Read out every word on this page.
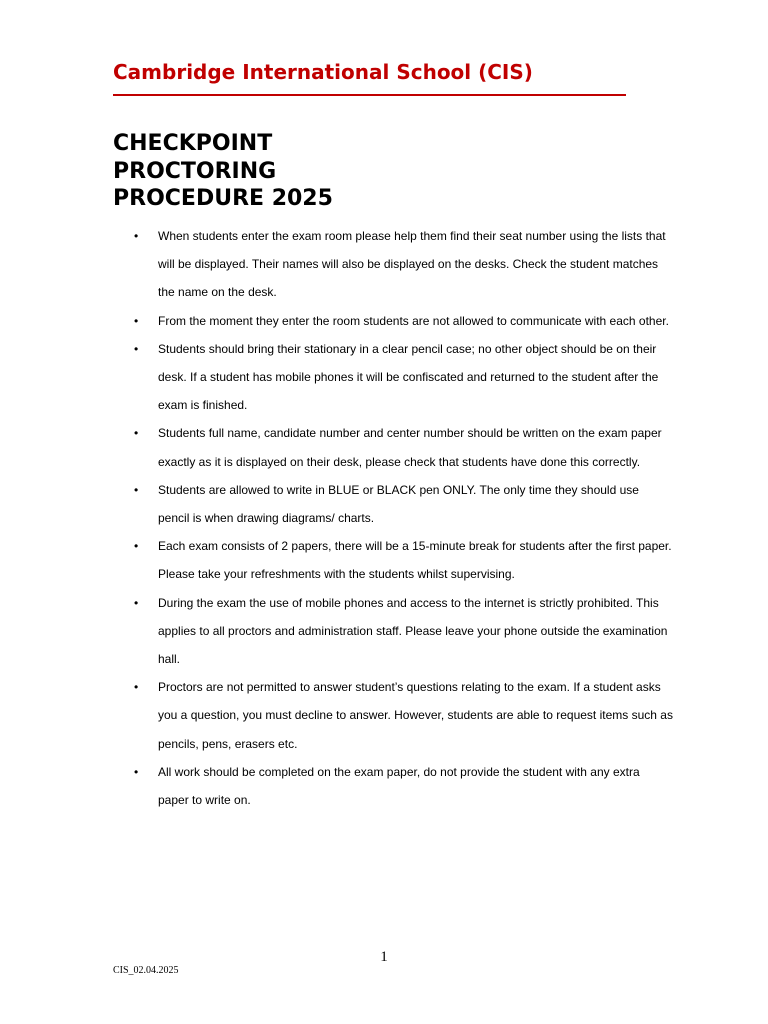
Cambridge International School (CIS)
CHECKPOINT
PROCTORING
PROCEDURE 2025
• When students enter the exam room please help them find their seat number using the lists that will be displayed. Their names will also be displayed on the desks. Check the student matches the name on the desk.
• From the moment they enter the room students are not allowed to communicate with each other.
• Students should bring their stationary in a clear pencil case; no other object should be on their desk. If a student has mobile phones it will be confiscated and returned to the student after the exam is finished.
• Students full name, candidate number and center number should be written on the exam paper exactly as it is displayed on their desk, please check that students have done this correctly.
• Students are allowed to write in BLUE or BLACK pen ONLY. The only time they should use pencil is when drawing diagrams/ charts.
• Each exam consists of 2 papers, there will be a 15-minute break for students after the first paper. Please take your refreshments with the students whilst supervising.
• During the exam the use of mobile phones and access to the internet is strictly prohibited. This applies to all proctors and administration staff. Please leave your phone outside the examination hall.
• Proctors are not permitted to answer student’s questions relating to the exam. If a student asks you a question, you must decline to answer. However, students are able to request items such as pencils, pens, erasers etc.
• All work should be completed on the exam paper, do not provide the student with any extra paper to write on.
1
CIS_02.04.2025
